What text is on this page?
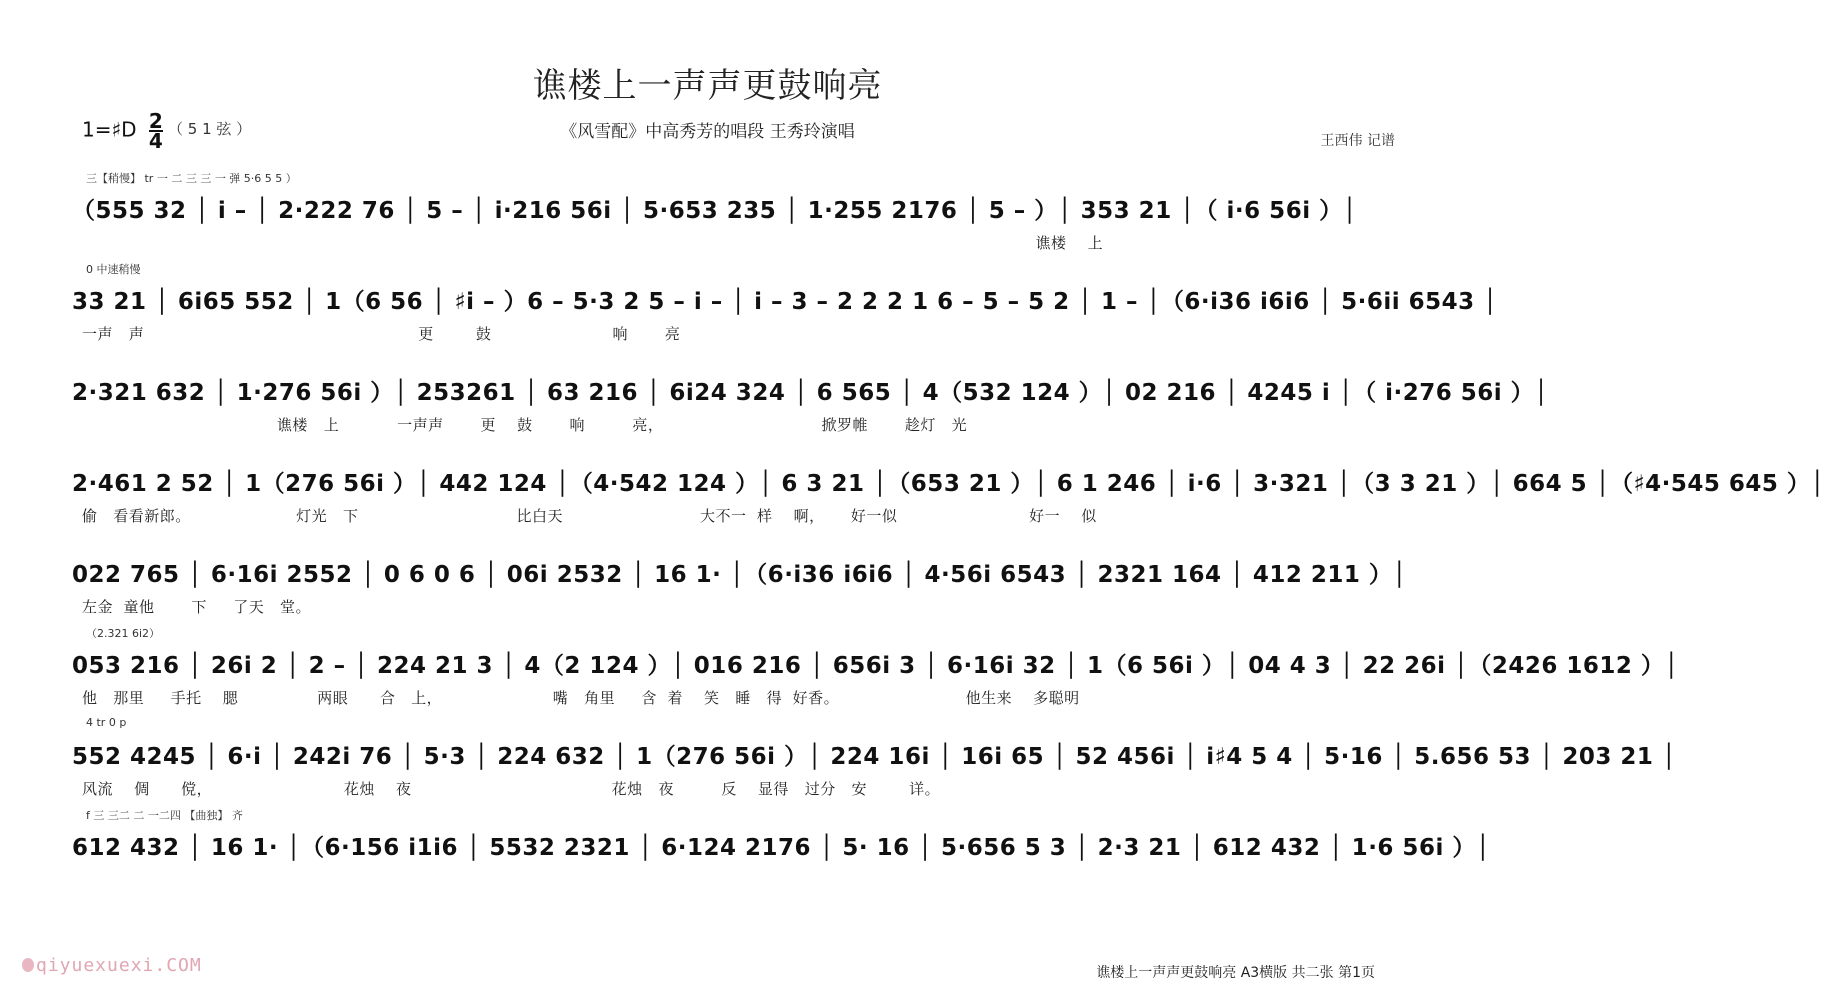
谯楼上一声声更鼓响亮
《风雪配》中高秀芳的唱段 王秀玲演唱
1=♯D $\frac{2}{4}$ （ 5 1 弦 ）
王西伟 记谱
三【稍慢】 tr 一 二 三 三 一 弹 5·6 5 5 ）
（555 32 │ i – │ 2·222 76 │ 5 – │ i·216 56i │ 5·653 235 │ 1·255 2176 │ 5 – ）│ 353 21 │（ i·6 56i ）│
谯楼    上
0 中速稍慢
33 21 │ 6i65 552 │ 1（6 56 │ ♯i – ）6 – 5·3 2 5 – i – │ i – 3 – 2 2 2 1 6 – 5 – 5 2 │ 1 – │（6·i36 i6i6 │ 5·6ii 6543 │
一声   声                                                    更        鼓                       响       亮
2·321 632 │ 1·276 56i ）│ 253261 │ 63 216 │ 6i24 324 │ 6 565 │ 4（532 124 ）│ 02 216 │ 4245 i │（ i·276 56i ）│
谯楼   上           一声声       更    鼓       响         亮，                              掀罗帷       趁灯   光
2·461 2 52 │ 1（276 56i ）│ 442 124 │（4·542 124 ）│ 6 3 21 │（653 21 ）│ 6 1 246 │ i·6 │ 3·321 │（3 3 21 ）│ 664 5 │（♯4·545 645 ）│
偷   看看新郎。                    灯光   下                              比白天                          大不一  样    啊，     好一似                         好一    似
022 765 │ 6·16i 2552 │ 0 6 0 6 │ 06i 2532 │ 16 1· │（6·i36 i6i6 │ 4·56i 6543 │ 2321 164 │ 412 211 ）│
左金  童他       下     了天   堂。
（2.321 6i2）
053 216 │ 26i 2 │ 2 – │ 224 21 3 │ 4（2 124 ）│ 016 216 │ 656i 3 │ 6·16i 32 │ 1（6 56i ）│ 04 4 3 │ 22 26i │（2426 1612 ）│
他   那里     手托    腮               两眼      合   上，                     嘴   角里     含  着    笑   睡   得  好香。                        他生来    多聪明
4 tr 0 p
552 4245 │ 6·i │ 242i 76 │ 5·3 │ 224 632 │ 1（276 56i ）│ 224 16i │ 16i 65 │ 52 456i │ i♯4 5 4 │ 5·16 │ 5.656 53 │ 203 21 │
风流    倜      傥，                         花烛    夜                                      花烛   夜         反    显得   过分   安        详。
f 三 三二 二 一二四 【曲独】 齐
612 432 │ 16 1· │（6·156 i1i6 │ 5532 2321 │ 6·124 2176 │ 5· 16 │ 5·656 5 3 │ 2·3 21 │ 612 432 │ 1·6 56i ）│
qiyuexuexi.COM	谯楼上一声声更鼓响亮 A3横版 共二张 第1页
